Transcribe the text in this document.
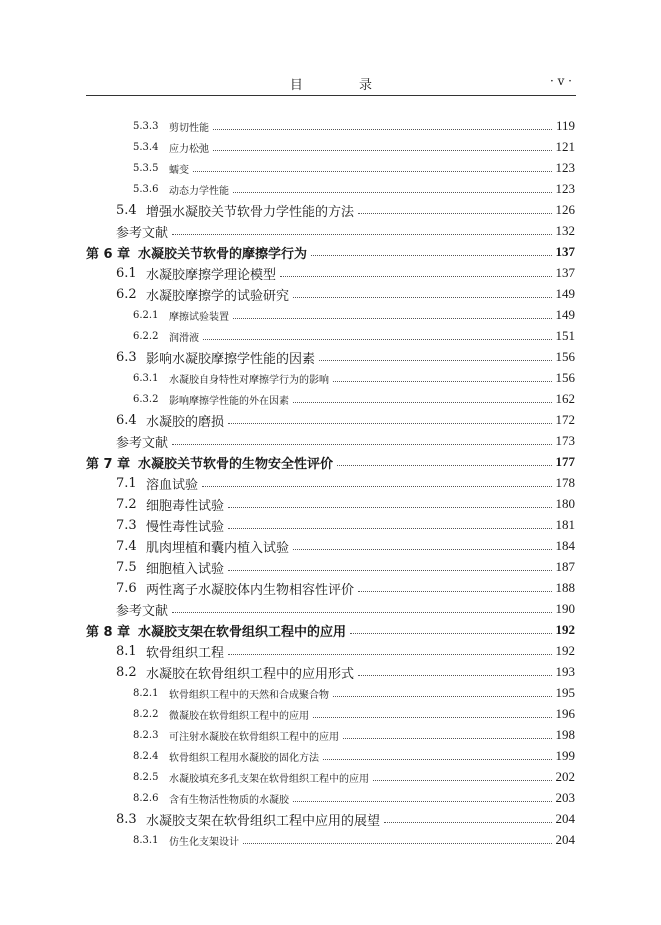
目 录	· v ·
5.3.3	剪切性能	119
5.3.4	应力松弛	121
5.3.5	蠕变	123
5.3.6	动态力学性能	123
5.4 增强水凝胶关节软骨力学性能的方法	126
参考文献	132
第 6 章 水凝胶关节软骨的摩擦学行为	137
6.1 水凝胶摩擦学理论模型	137
6.2 水凝胶摩擦学的试验研究	149
6.2.1	摩擦试验装置	149
6.2.2	润滑液	151
6.3 影响水凝胶摩擦学性能的因素	156
6.3.1	水凝胶自身特性对摩擦学行为的影响	156
6.3.2	影响摩擦学性能的外在因素	162
6.4 水凝胶的磨损	172
参考文献	173
第 7 章 水凝胶关节软骨的生物安全性评价	177
7.1 溶血试验	178
7.2 细胞毒性试验	180
7.3 慢性毒性试验	181
7.4 肌肉埋植和囊内植入试验	184
7.5 细胞植入试验	187
7.6 两性离子水凝胶体内生物相容性评价	188
参考文献	190
第 8 章 水凝胶支架在软骨组织工程中的应用	192
8.1 软骨组织工程	192
8.2 水凝胶在软骨组织工程中的应用形式	193
8.2.1	软骨组织工程中的天然和合成聚合物	195
8.2.2	微凝胶在软骨组织工程中的应用	196
8.2.3	可注射水凝胶在软骨组织工程中的应用	198
8.2.4	软骨组织工程用水凝胶的固化方法	199
8.2.5	水凝胶填充多孔支架在软骨组织工程中的应用	202
8.2.6	含有生物活性物质的水凝胶	203
8.3 水凝胶支架在软骨组织工程中应用的展望	204
8.3.1	仿生化支架设计	204
